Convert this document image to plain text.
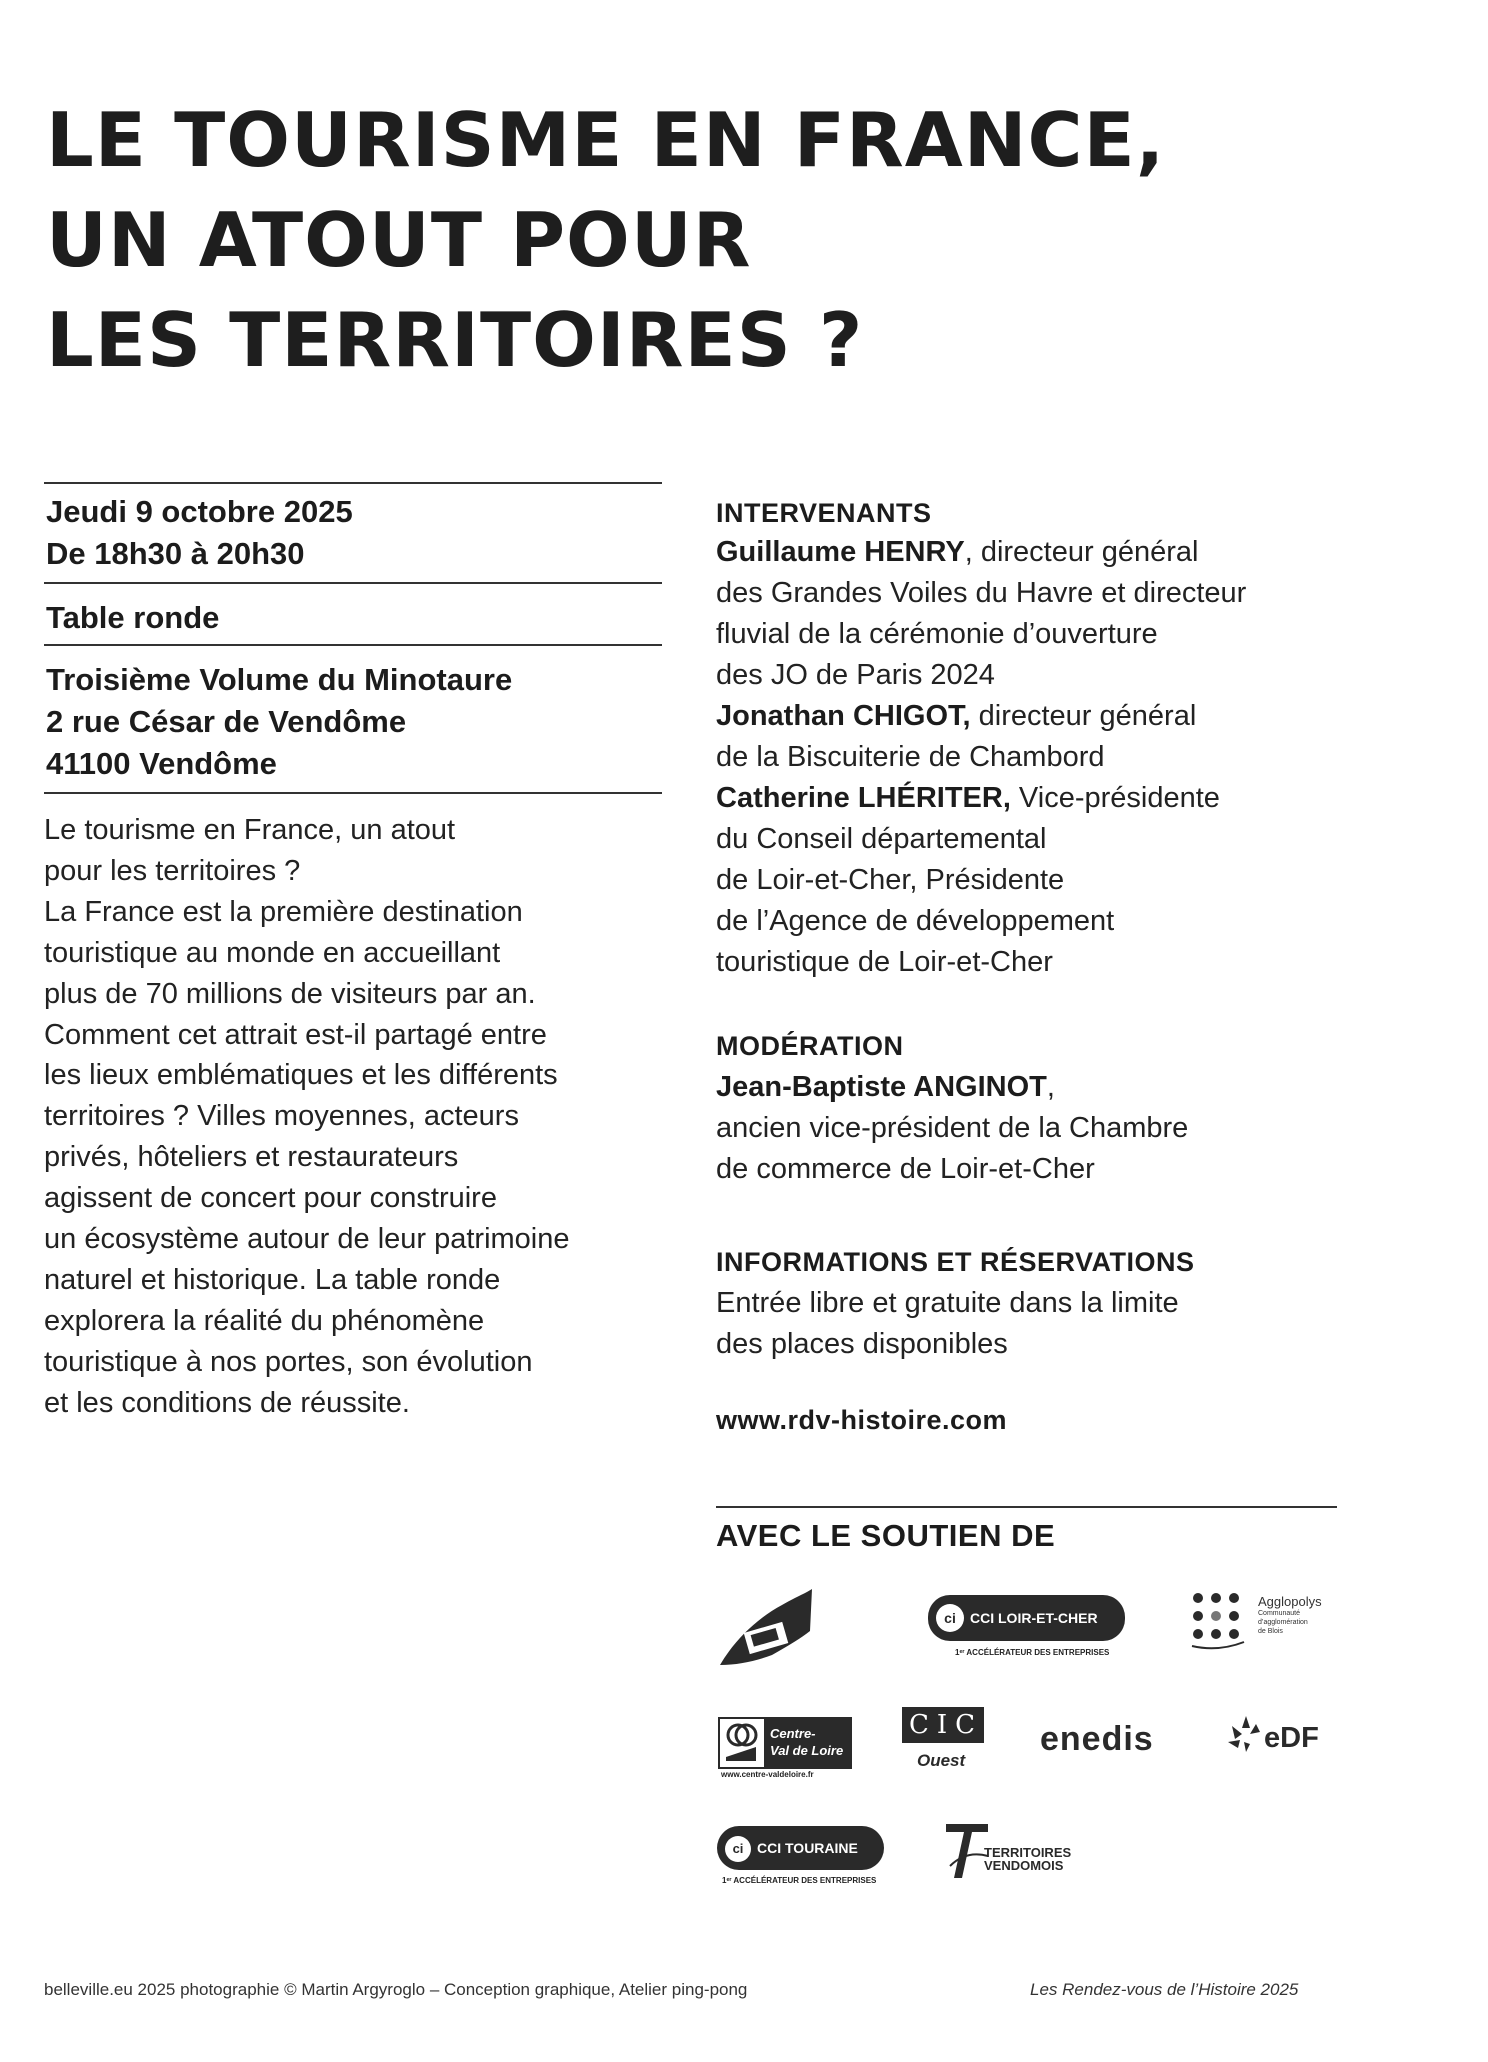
LE TOURISME EN FRANCE,
UN ATOUT POUR
LES TERRITOIRES ?
Jeudi 9 octobre 2025
De 18h30 à 20h30
Table ronde
Troisième Volume du Minotaure
2 rue César de Vendôme
41100 Vendôme
Le tourisme en France, un atout
pour les territoires ?
La France est la première destination
touristique au monde en accueillant
plus de 70 millions de visiteurs par an.
Comment cet attrait est-il partagé entre
les lieux emblématiques et les différents
territoires ? Villes moyennes, acteurs
privés, hôteliers et restaurateurs
agissent de concert pour construire
un écosystème autour de leur patrimoine
naturel et historique. La table ronde
explorera la réalité du phénomène
touristique à nos portes, son évolution
et les conditions de réussite.
INTERVENANTS
Guillaume HENRY, directeur général
des Grandes Voiles du Havre et directeur
fluvial de la cérémonie d’ouverture
des JO de Paris 2024
Jonathan CHIGOT, directeur général
de la Biscuiterie de Chambord
Catherine LHÉRITER, Vice-présidente
du Conseil départemental
de Loir-et-Cher, Présidente
de l’Agence de développement
touristique de Loir-et-Cher
MODÉRATION
Jean-Baptiste ANGINOT,
ancien vice-président de la Chambre
de commerce de Loir-et-Cher
INFORMATIONS ET RÉSERVATIONS
Entrée libre et gratuite dans la limite
des places disponibles
www.rdv-histoire.com
AVEC LE SOUTIEN DE
ci CCI LOIR-ET-CHER
1ᵉʳ ACCÉLÉRATEUR DES ENTREPRISES
Agglopolys
Communauté
d’agglomération
de Blois
Centre-
Val de Loire
www.centre-valdeloire.fr
CIC
Ouest
enedis	eDF
ci CCI TOURAINE
1ᵉʳ ACCÉLÉRATEUR DES ENTREPRISES
TERRITOIRES
VENDOMOIS
belleville.eu 2025 photographie © Martin Argyroglo – Conception graphique, Atelier ping-pong	Les Rendez-vous de l’Histoire 2025
